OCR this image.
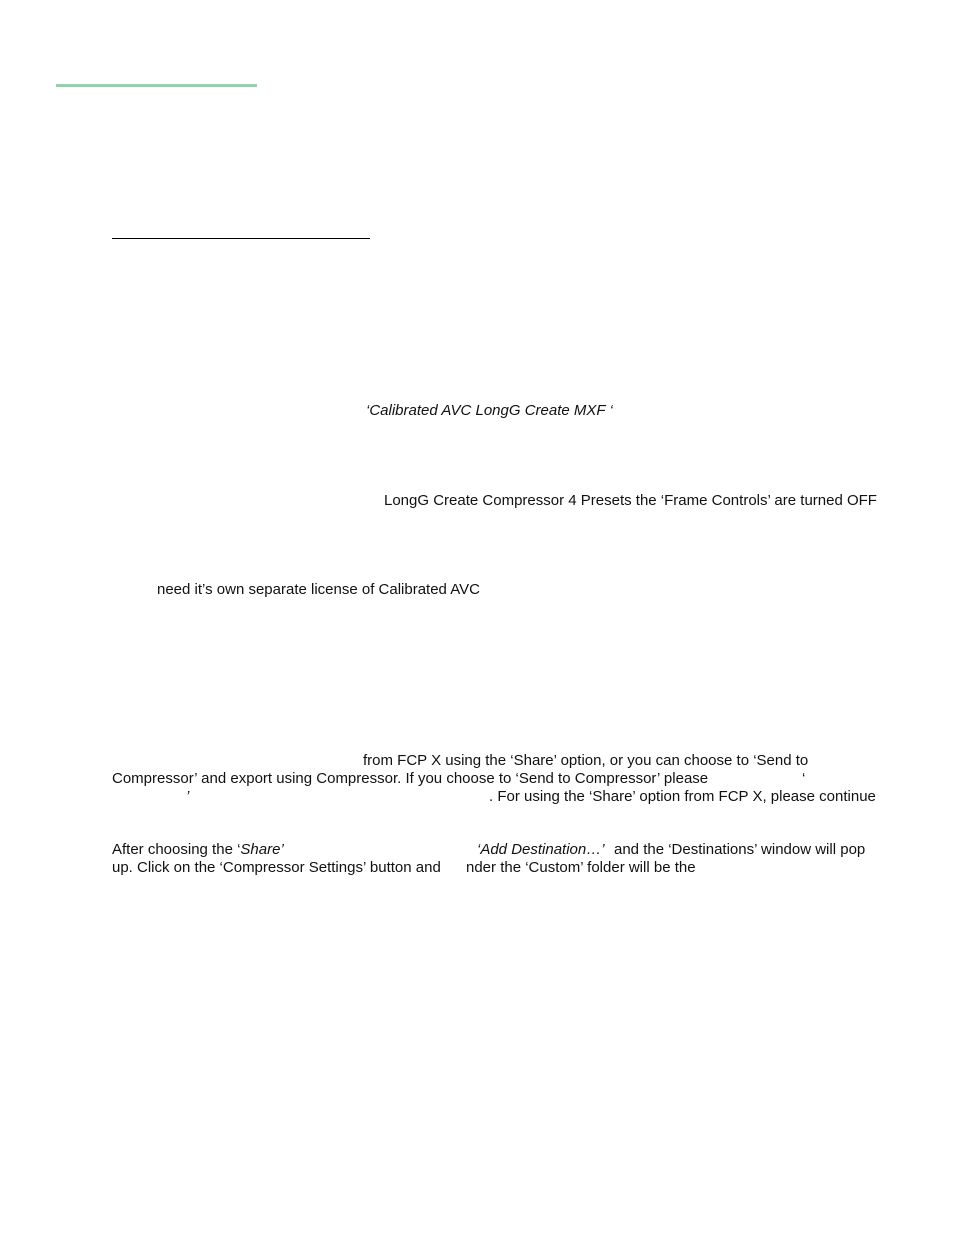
‘Calibrated AVC LongG Create MXF ‘
LongG Create Compressor 4 Presets the ‘Frame Controls’ are turned OFF
need it’s own separate license of Calibrated AVC
from FCP X using the ‘Share’ option, or you can choose to ‘Send to
Compressor’ and export using Compressor. If you choose to ‘Send to Compressor’ please	‘
’	. For using the ‘Share’ option from FCP X, please continue
After choosing the ‘Share’	‘Add Destination…’ and the ‘Destinations’ window will pop
up. Click on the ‘Compressor Settings’ button and nder the ‘Custom’ folder will be the
